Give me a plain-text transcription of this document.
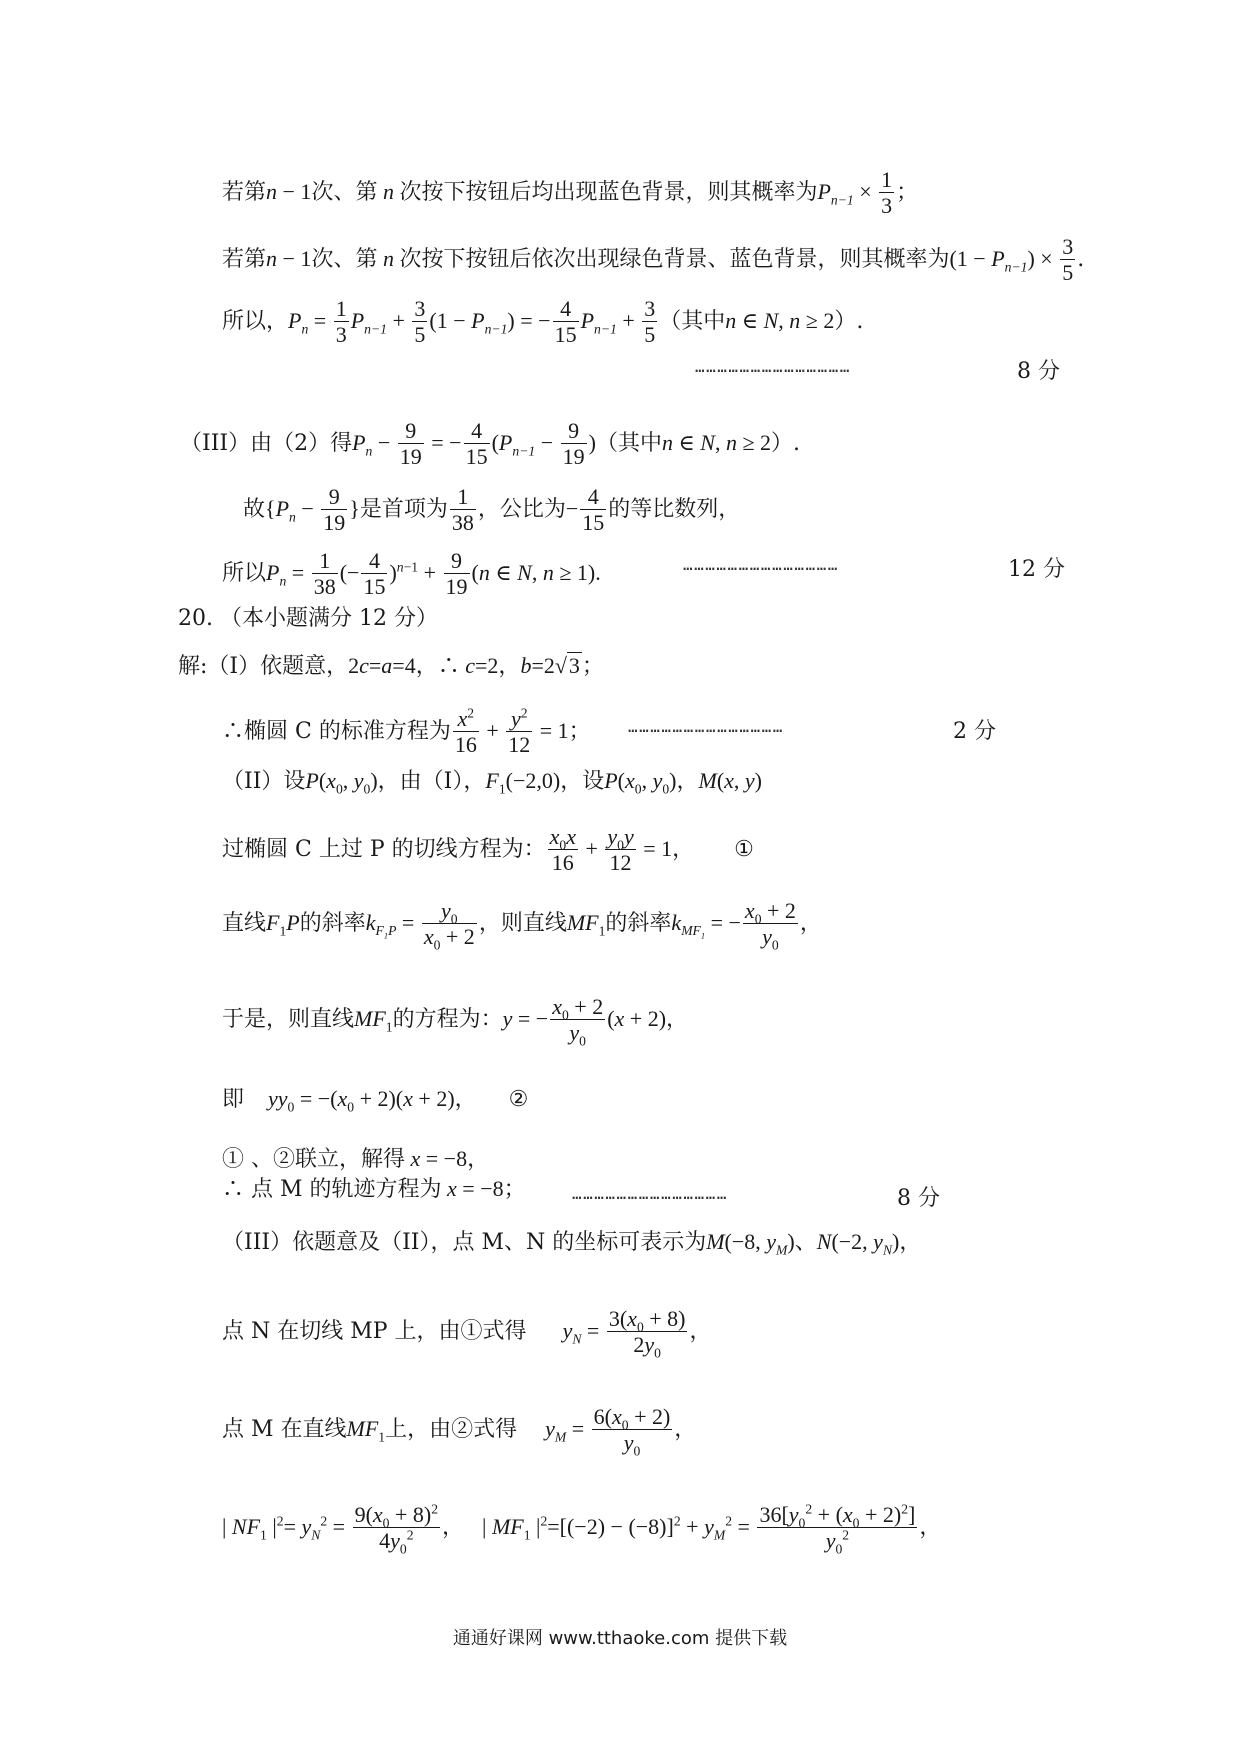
若第n − 1次、第 n 次按下按钮后均出现蓝色背景，则其概率为$P_{n-1} \times \frac{1}{3}$ ；
若第n − 1次、第 n 次按下按钮后依次出现绿色背景、蓝色背景，则其概率为$(1 - P_{n-1}) \times \frac{3}{5}$ .
所以，$P_n = \frac{1}{3} P_{n-1} + \frac{3}{5} (1 - P_{n-1})$ = − $\frac{4}{15} P_{n-1} + \frac{3}{5}$ （其中n ∈ N, n ≥ 2）.
……………………………………	8 分
（III）由（2）得$P_n - \frac{9}{19}$ = − $\frac{4}{15} (P_{n-1} - \frac{9}{19}$ )（其中n ∈ N, n ≥ 2）.
故{$P_n - \frac{9}{19}$ }是首项为 $\frac{1}{38}$ ，公比为− $\frac{4}{15}$ 的等比数列，
所以$P_n = \frac{1}{38}$ (− $\frac{4}{15} )^{n-1} + \frac{9}{19} (n$ ∈ N, n ≥ 1).	……………………………………	12 分
20. （本小题满分 12 分）
解:（I）依题意，2c=a=4，∴ c=2，b=2√3；
∴椭圆 C 的标准方程为 $\frac{x^2}{16} + \frac{y^2}{12} = 1$； ……………………………………	2 分
（II）设$P(x_0$, $y_0$)，由（I），$F_1(-2,0)$，设$P(x_0$, $y_0$)，M(x, y)
过椭圆 C 上过 P 的切线方程为： $\frac{x_0x}{16} + \frac{y_0y}{12} = 1$， ①
直线$F_1P$的斜率$k_{F_1P} = \frac{y_0}{x_0 + 2}$ ，则直线$MF_1$的斜率$k_{MF_1}$ = − $\frac{x_0 + 2}{y_0}$ ，
于是，则直线$MF_1$的方程为：y = − $\frac{x_0 + 2}{y_0} (x + 2)$，
即 $yy_0 = -(x_0 + 2)(x + 2)$， ②
① 、②联立，解得 x = −8，
∴ 点 M 的轨迹方程为 x = −8；	……………………………………	8 分
（III）依题意及（II），点 M、N 的坐标可表示为M(−8, $y_M$)、N(−2, $y_N$)，
点 N 在切线 MP 上，由①式得 $y_N = \frac{3(x_0 + 8)}{2y_0}$ ，
点 M 在直线$MF_1$上，由②式得 $y_M = \frac{6(x_0 + 2)}{y_0}$ ，
| $NF_1$ $|^2= y_N^2 = \frac{9(x_0 + 8)^2}{4y_0^2}$ ， | $MF_1$ $|^2=[(-2) - (-8)]^2 + y_M^2 = \frac{36[y_0^2 + (x_0 + 2)^2]}{y_0^2}$ ，
通通好课网 www.tthaoke.com 提供下载
